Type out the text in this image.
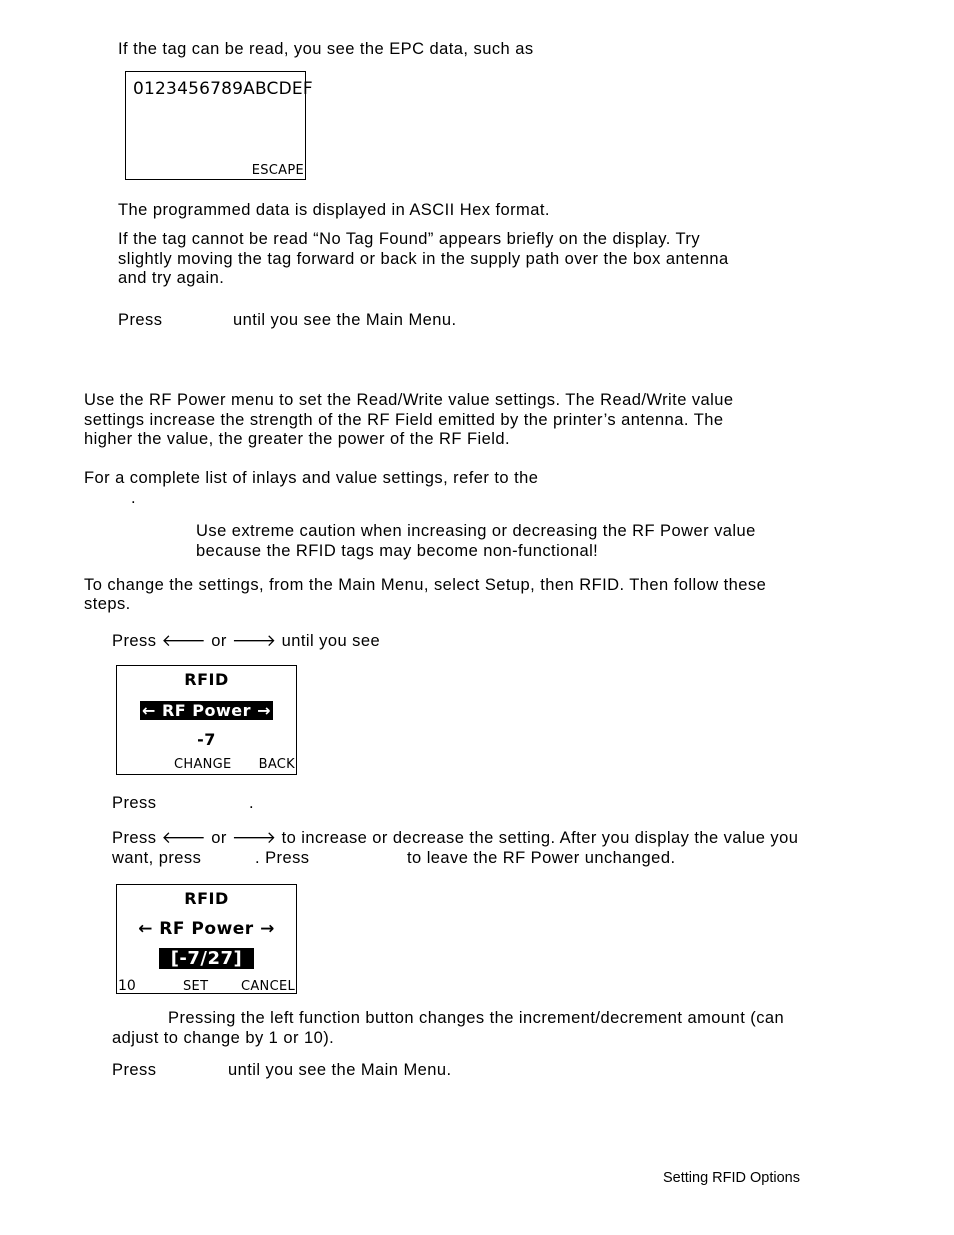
If the tag can be read, you see the EPC data, such as
0123456789ABCDEF
ESCAPE
The programmed data is displayed in ASCII Hex format.
If the tag cannot be read “No Tag Found” appears briefly on the display. Try
slightly moving the tag forward or back in the supply path over the box antenna
and try again.
Press	until you see the Main Menu.
Use the RF Power menu to set the Read/Write value settings. The Read/Write value
settings increase the strength of the RF Field emitted by the printer’s antenna. The
higher the value, the greater the power of the RF Field.
For a complete list of inlays and value settings, refer to the
.
Use extreme caution when increasing or decreasing the RF Power value
because the RFID tags may become non-functional!
To change the settings, from the Main Menu, select Setup, then RFID. Then follow these
steps.
Press 🡐 or 🡒 until you see
RFID
← RF Power →
-7
CHANGE BACK
Press	.
Press 🡐 or 🡒 to increase or decrease the setting. After you display the value you
want, press	. Press	to leave the RF Power unchanged.
RFID
← RF Power →
[-7/27]
10	SET	CANCEL
Pressing the left function button changes the increment/decrement amount (can
adjust to change by 1 or 10).
Press	until you see the Main Menu.
Setting RFID Options
